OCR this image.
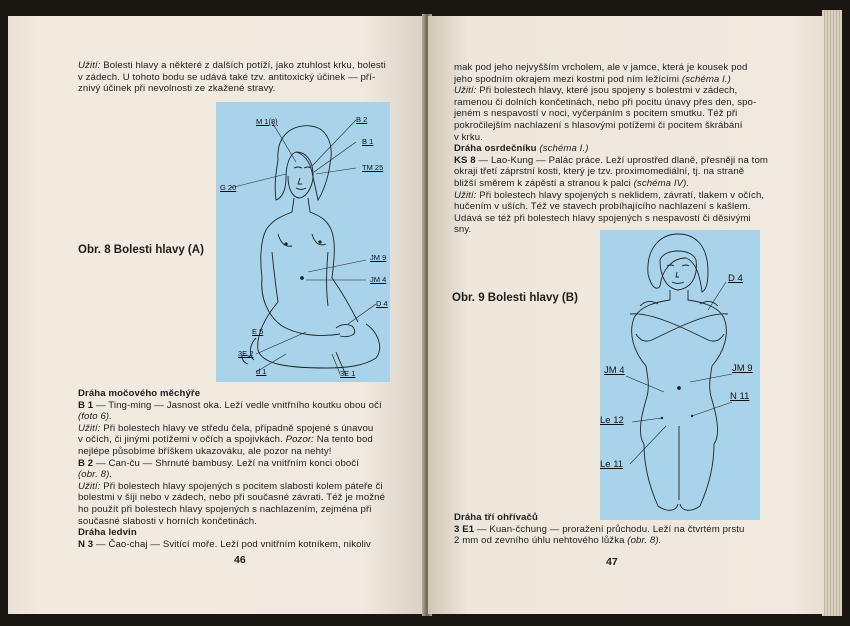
Užití: Bolesti hlavy a některé z dalších potíží, jako ztuhlost krku, bolesti

v zádech. U tohoto bodu se udává také tzv. antitoxický účinek — pří-

znivý účinek při nevolnosti ze zkažené stravy.

Obr. 8 Bolesti hlavy (A)
M 1(8)	B 2
B 1
TM 25
G 20
JM 9
JM 4
D 4
E 5
3E 2
d 1	3E 1

Dráha močového měchýře

B 1 — Ting-ming — Jasnost oka. Leží vedle vnitřního koutku obou očí

(foto 6).

Užití: Při bolestech hlavy ve středu čela, případně spojené s únavou

v očích, či jinými potížemi v očích a spojivkách. Pozor: Na tento bod

nejlépe působíme bříškem ukazováku, ale pozor na nehty!

B 2 — Can-ču — Shrnuté bambusy. Leží na vnitřním konci obočí

(obr. 8).

Užití: Při bolestech hlavy spojených s pocitem slabosti kolem páteře či

bolestmi v šíji nebo v zádech, nebo při současné závrati. Též je možné

ho použít při bolestech hlavy spojených s nachlazením, zejména při

současné slabosti v horních končetinách.

Dráha ledvin

N 3 — Čao-chaj — Svitící moře. Leží pod vnitřním kotníkem, nikoliv

46

mak pod jeho nejvyšším vrcholem, ale v jamce, která je kousek pod

jeho spodním okrajem mezi kostmi pod ním ležícími (schéma I.)

Užití: Při bolestech hlavy, které jsou spojeny s bolestmi v zádech,

ramenou či dolních končetinách, nebo při pocitu únavy přes den, spo-

jeném s nespavostí v noci, vyčerpáním s pocitem smutku. Též při

pokročilejším nachlazení s hlasovými potížemi či pocitem škrábání

v krku.

Dráha osrdečníku (schéma I.)

KS 8 — Lao-Kung — Palác práce. Leží uprostřed dlaně, přesněji na tom

okraji třetí záprstní kosti, který je tzv. proximomediální, tj. na straně

bližší směrem k zápěstí a stranou k palci (schéma IV).

Užití: Při bolestech hlavy spojených s neklidem, závratí, tlakem v očích,

hučením v uších. Též ve stavech probíhajícího nachlazení s kašlem.

Udává se též při bolestech hlavy spojených s nespavostí či děsivými

sny.

Obr. 9 Bolesti hlavy (B)
D 4
JM 4	JM 9
N 11
Le 12
Le 11

Dráha tří ohřívačů

3 E1 — Kuan-čchung — proražení průchodu. Leží na čtvrtém prstu

2 mm od zevního úhlu nehtového lůžka (obr. 8).

47
